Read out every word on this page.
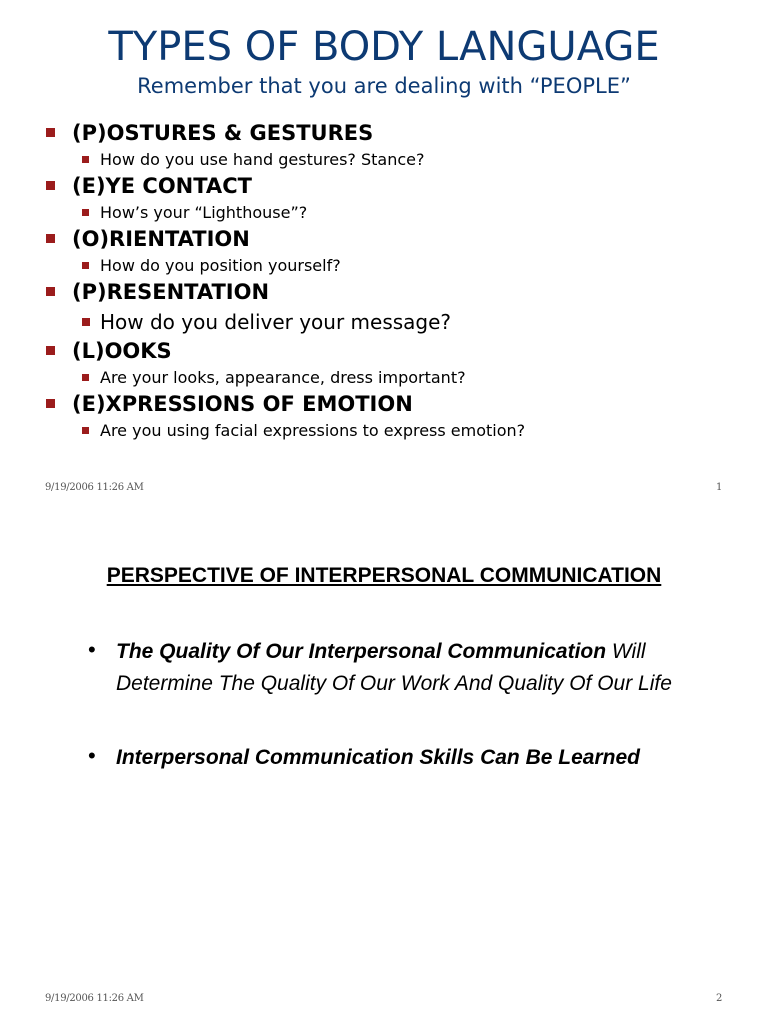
TYPES OF BODY LANGUAGE
Remember that you are dealing with “PEOPLE”
(P)OSTURES & GESTURES
How do you use hand gestures? Stance?
(E)YE CONTACT
How’s your “Lighthouse”?
(O)RIENTATION
How do you position yourself?
(P)RESENTATION
How do you deliver your message?
(L)OOKS
Are your looks, appearance, dress important?
(E)XPRESSIONS OF EMOTION
Are you using facial expressions to express emotion?
9/19/2006 11:26 AM	1
PERSPECTIVE OF INTERPERSONAL COMMUNICATION
• The Quality Of Our Interpersonal Communication Will Determine The Quality Of Our Work And Quality Of Our Life
• Interpersonal Communication Skills Can Be Learned
9/19/2006 11:26 AM	2
